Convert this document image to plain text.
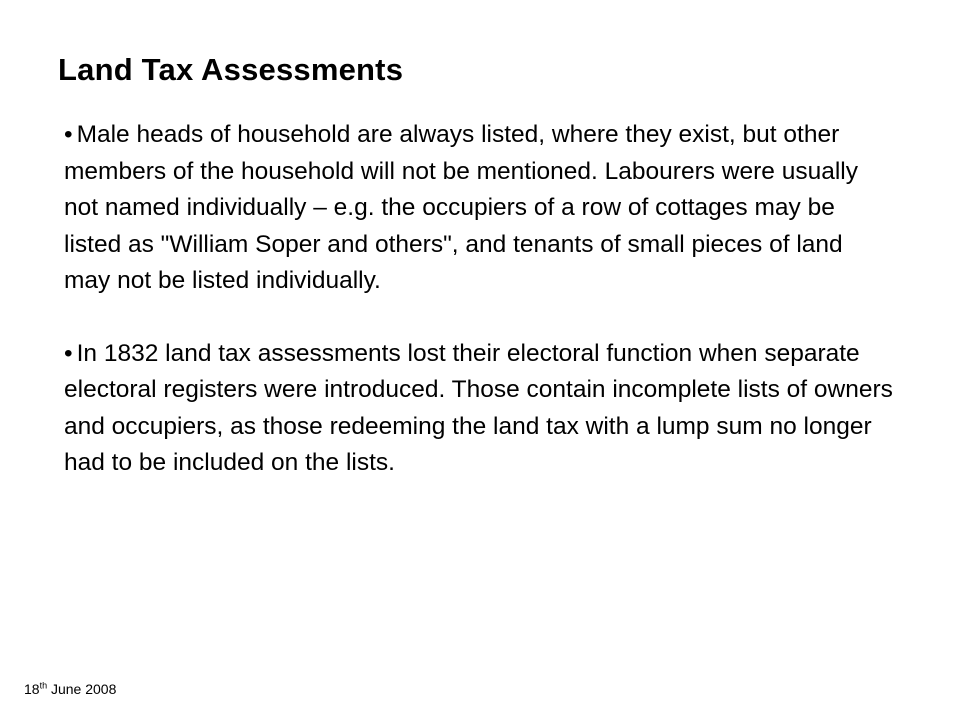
Land Tax Assessments

• Male heads of household are always listed, where they exist, but other members of the household will not be mentioned. Labourers were usually not named individually – e.g. the occupiers of a row of cottages may be listed as "William Soper and others", and tenants of small pieces of land may not be listed individually.

• In 1832 land tax assessments lost their electoral function when separate electoral registers were introduced. Those contain incomplete lists of owners and occupiers, as those redeeming the land tax with a lump sum no longer had to be included on the lists.

18th June 2008
